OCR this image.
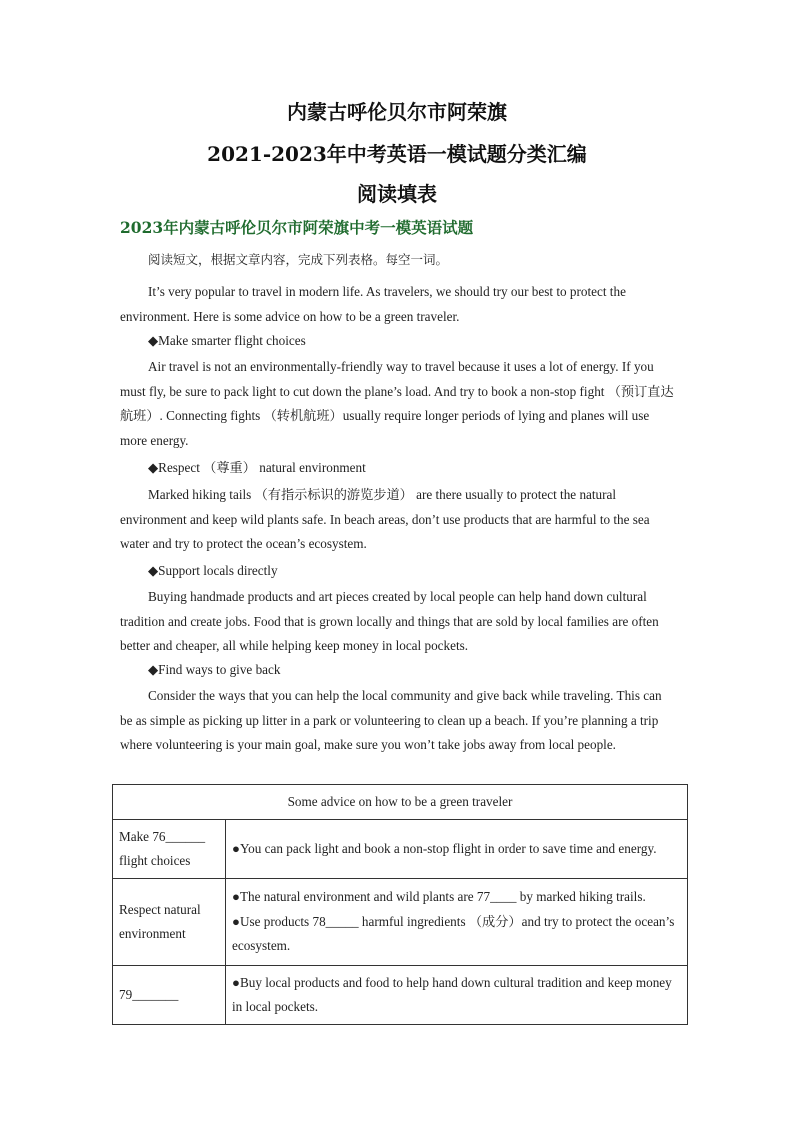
内蒙古呼伦贝尔市阿荣旗
2021-2023年中考英语一模试题分类汇编
阅读填表
2023年内蒙古呼伦贝尔市阿荣旗中考一模英语试题
阅读短文，根据文章内容，完成下列表格。每空一词。
It’s very popular to travel in modern life. As travelers, we should try our best to protect the environment. Here is some advice on how to be a green traveler.
◆Make smarter flight choices
Air travel is not an environmentally-friendly way to travel because it uses a lot of energy. If you must fly, be sure to pack light to cut down the plane’s load. And try to book a non-stop fight （预订直达航班）. Connecting fights （转机航班）usually require longer periods of lying and planes will use more energy.
◆Respect （尊重） natural environment
Marked hiking tails （有指示标识的游览步道） are there usually to protect the natural environment and keep wild plants safe. In beach areas, don’t use products that are harmful to the sea water and try to protect the ocean’s ecosystem.
◆Support locals directly
Buying handmade products and art pieces created by local people can help hand down cultural tradition and create jobs. Food that is grown locally and things that are sold by local families are often better and cheaper, all while helping keep money in local pockets.
◆Find ways to give back
Consider the ways that you can help the local community and give back while traveling. This can be as simple as picking up litter in a park or volunteering to clean up a beach. If you’re planning a trip where volunteering is your main goal, make sure you won’t take jobs away from local people.
Some advice on how to be a green traveler	
Make 76______ flight choices	●You can pack light and book a non-stop flight in order to save time and energy.
Respect natural environment	●The natural environment and wild plants are 77____ by marked hiking trails.
●Use products 78_____ harmful ingredients （成分）and try to protect the ocean’s ecosystem.

79_______	●Buy local products and food to help hand down cultural tradition and keep money in local pockets.
